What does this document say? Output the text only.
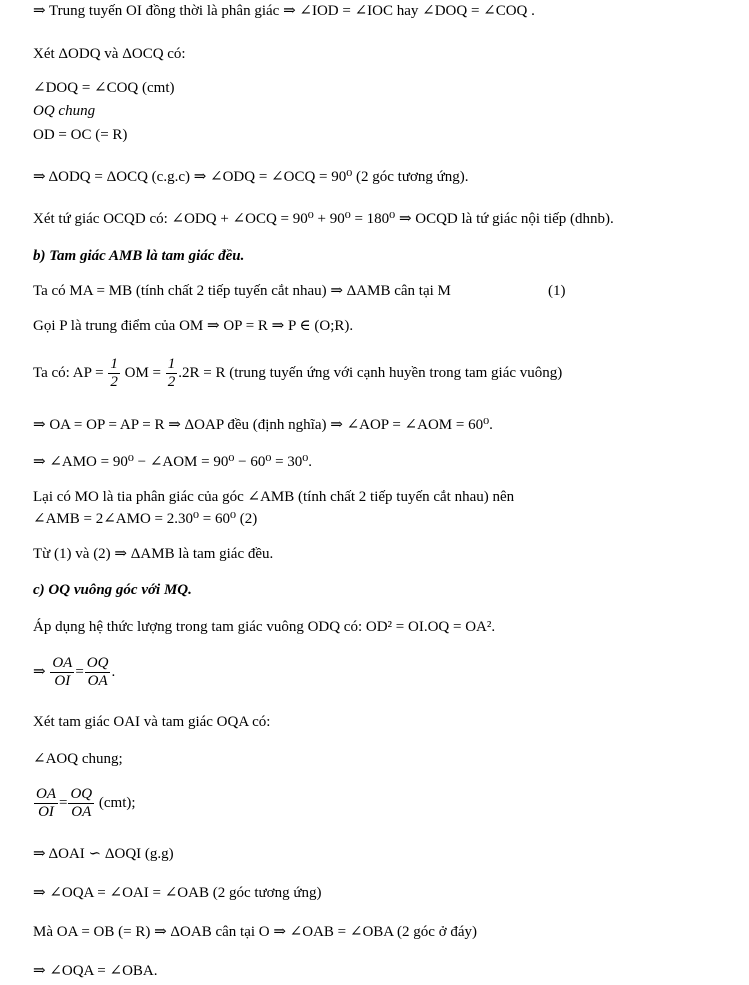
⇒ Trung tuyến OI đồng thời là phân giác ⇒ ∠IOD = ∠IOC hay ∠DOQ = ∠COQ .
Xét ΔODQ và ΔOCQ có:
∠DOQ = ∠COQ (cmt)
OQ chung
OD = OC (= R)
⇒ ΔODQ = ΔOCQ (c.g.c) ⇒ ∠ODQ = ∠OCQ = 90⁰ (2 góc tương ứng).
Xét tứ giác OCQD có: ∠ODQ + ∠OCQ = 90⁰ + 90⁰ = 180⁰ ⇒ OCQD là tứ giác nội tiếp (dhnb).
b) Tam giác AMB là tam giác đều.
Ta có MA = MB (tính chất 2 tiếp tuyến cắt nhau) ⇒ ΔAMB cân tại M	(1)
Gọi P là trung điểm của OM ⇒ OP = R ⇒ P ∈ (O;R).
Ta có: AP = $\frac{1}{2}$ OM = $\frac{1}{2} .2R = R$ (trung tuyến ứng với cạnh huyền trong tam giác vuông)
⇒ OA = OP = AP = R ⇒ ΔOAP đều (định nghĩa) ⇒ ∠AOP = ∠AOM = 60⁰.
⇒ ∠AMO = 90⁰ − ∠AOM = 90⁰ − 60⁰ = 30⁰.
Lại có MO là tia phân giác của góc ∠AMB (tính chất 2 tiếp tuyến cắt nhau) nên
∠AMB = 2∠AMO = 2.30⁰ = 60⁰ (2)
Từ (1) và (2) ⇒ ΔAMB là tam giác đều.
c) OQ vuông góc với MQ.
Áp dụng hệ thức lượng trong tam giác vuông ODQ có: OD² = OI.OQ = OA².
⇒ $\frac{OA}{OI} = \frac{OQ}{OA}$ .
Xét tam giác OAI và tam giác OQA có:
∠AOQ chung;
$\frac{OA}{OI} = \frac{OQ}{OA} (cmt)$;
⇒ ΔOAI ∽ ΔOQI (g.g)
⇒ ∠OQA = ∠OAI = ∠OAB (2 góc tương ứng)
Mà OA = OB (= R) ⇒ ΔOAB cân tại O ⇒ ∠OAB = ∠OBA (2 góc ở đáy)
⇒ ∠OQA = ∠OBA.
